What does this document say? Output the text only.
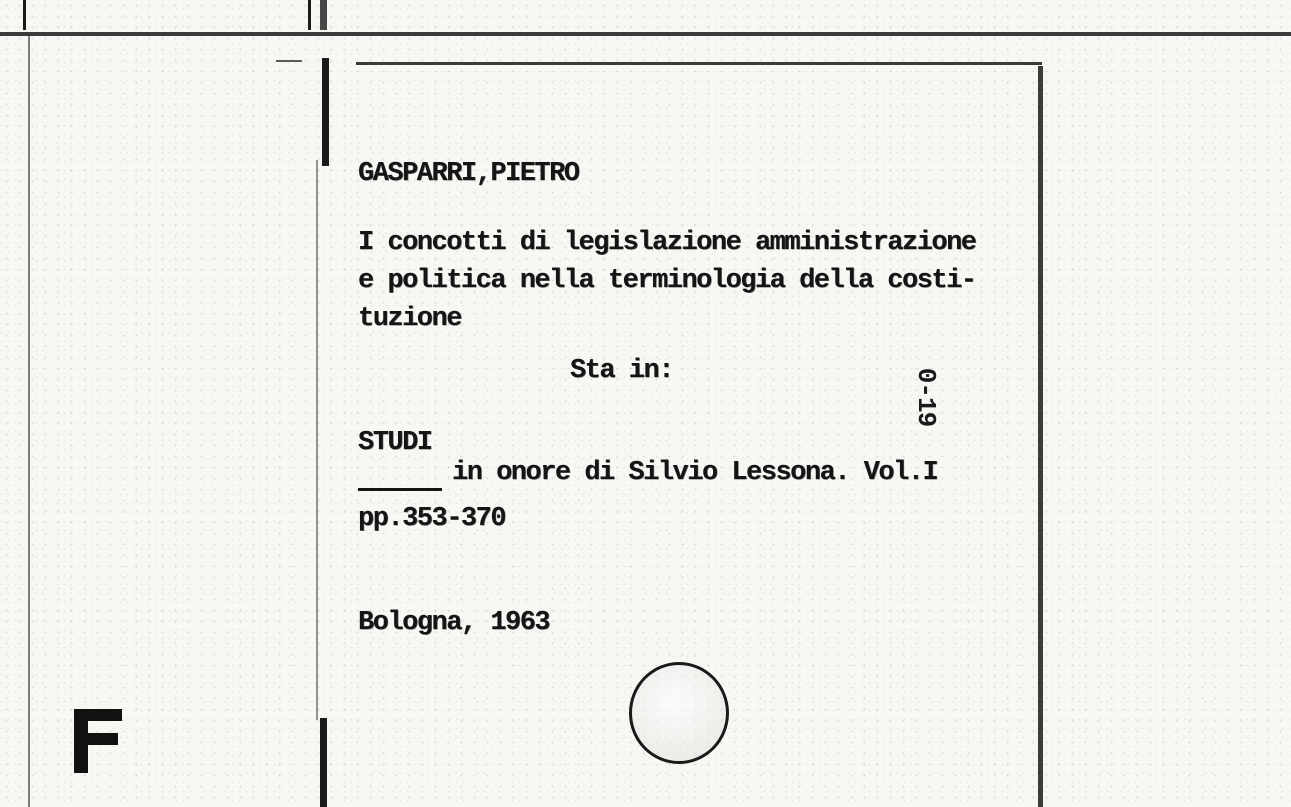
GASPARRI,PIETRO

I concotti di legislazione amministrazione

e politica nella terminologia della costi-

tuzione

Sta in:	0-19

STUDI

in onore di Silvio Lessona. Vol.I

pp.353-370

Bologna, 1963
